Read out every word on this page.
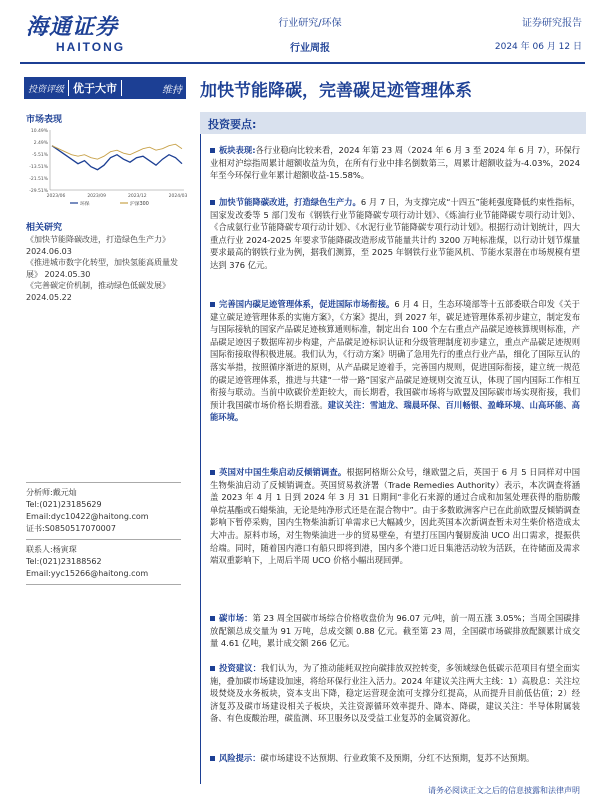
海通证券
HAITONG
行业研究/环保
行业周报
证券研究报告
2024 年 06 月 12 日
投资评级 优于大市	维持 加快节能降碳，完善碳足迹管理体系
市场表现
10.49%
2.49%
-5.51%
-13.51%
-21.51%
-29.51%
2023/06	2023/09	2023/12	2024/03
环保	沪深300
相关研究
《加快节能降碳改进，打造绿色生产力》
2024.06.03
《推进城市数字化转型，加快氢能高质量发展》 2024.05.30
《完善碳定价机制，推动绿色低碳发展》 2024.05.22
分析师:戴元灿
Tel:(021)23185629
Email:dyc10422@haitong.com
证书:S0850517070007
联系人:杨寅琛
Tel:(021)23188562
Email:yyc15266@haitong.com
投资要点:
板块表现:各行业稳向比较来看，2024 年第 23 周（2024 年 6 月 3 至 2024 年 6 月 7），环保行业相对沪综指周累计超额收益为负，在所有行业中排名倒数第三，周累计超额收益为-4.03%，2024 年至今环保行业年累计超额收益-15.58%。
加快节能降碳改进，打造绿色生产力。6 月 7 日，为支撑完成“十四五”能耗强度降低约束性指标，国家发改委等 5 部门发布《钢铁行业节能降碳专项行动计划》、《炼油行业节能降碳专项行动计划》、《合成氨行业节能降碳专项行动计划》、《水泥行业节能降碳专项行动计划》。根据行动计划统计，四大重点行业 2024-2025 年要求节能降碳改造形成节能量共计约 3200 万吨标准煤，以行动计划节煤量要求最高的钢铁行业为例，据我们测算，至 2025 年钢铁行业节能风机、节能水泵潜在市场规模有望达到 376 亿元。
完善国内碳足迹管理体系，促进国际市场衔接。6 月 4 日，生态环境部等十五部委联合印发《关于建立碳足迹管理体系的实施方案》，《方案》提出，到 2027 年，碳足迹管理体系初步建立，制定发布与国际接轨的国家产品碳足迹核算通则标准，制定出台 100 个左右重点产品碳足迹核算规则标准，产品碳足迹因子数据库初步构建，产品碳足迹标识认证和分级管理制度初步建立，重点产品碳足迹规则国际衔接取得积极进展。我们认为，《行动方案》明确了急用先行的重点行业产品，细化了国际互认的落实举措，按照循序渐进的原则，从产品碳足迹着手，完善国内规则，促进国际衔接，建立统一规范的碳足迹管理体系，推进与共建“一带一路”国家产品碳足迹规则交流互认，体现了国内国际工作相互衔接与联动。当前中欧碳价差距较大，而长期看，我国碳市场将与欧盟及国际碳市场实现衔接，我们预计我国碳市场价格长期看涨。建议关注：雪迪龙、瑞晨环保、百川畅银、盈峰环境、山高环能、高能环境。
英国对中国生柴启动反倾销调查。根据阿格斯公众号，继欧盟之后，英国于 6 月 5 日同样对中国生物柴油启动了反倾销调查。英国贸易救济署（Trade Remedies Authority）表示，本次调查将涵盖 2023 年 4 月 1 日到 2024 年 3 月 31 日期间“非化石来源的通过合成和加氢处理获得的脂肪酸单烷基酯或石蜡柴油，无论是纯净形式还是在混合物中”。由于多数欧洲客户已在此前欧盟反倾销调查影响下暂停采购，国内生物柴油新订单需求已大幅减少，因此英国本次新调查暂未对生柴价格造成太大冲击。原料市场，对生物柴油进一步的贸易壁垒，有望打压国内餐厨废油 UCO 出口需求，提振供给端。同时，随着国内港口有船只即将到港，国内多个港口近日集港活动较为活跃，在待储面及需求端双重影响下，上周后半周 UCO 价格小幅出现回弹。
碳市场：第 23 周全国碳市场综合价格收盘价为 96.07 元/吨，前一周五涨 3.05%；当周全国碳排放配额总成交量为 91 万吨，总成交额 0.88 亿元。截至第 23 周，全国碳市场碳排放配额累计成交量 4.61 亿吨，累计成交额 266 亿元。
投资建议：我们认为，为了推动能耗双控向碳排放双控转变，多领域绿色低碳示范项目有望全面实施，叠加碳市场建设加速，将给环保行业注入活力。2024 年建议关注两大主线：1）高股息：关注垃圾焚烧及水务板块，资本支出下降，稳定运营现金流可支撑分红提高，从而提升目前低估值；2）经济复苏及碳市场建设相关子板块，关注资源循环效率提升、降本、降碳，建议关注：半导体附属装备、有色废酸治理，碳监测、环卫服务以及受益工业复苏的金属资源化。
风险提示：碳市场建设不达预期、行业政策不及预期，分红不达预期，复苏不达预期。
请务必阅读正文之后的信息披露和法律声明
